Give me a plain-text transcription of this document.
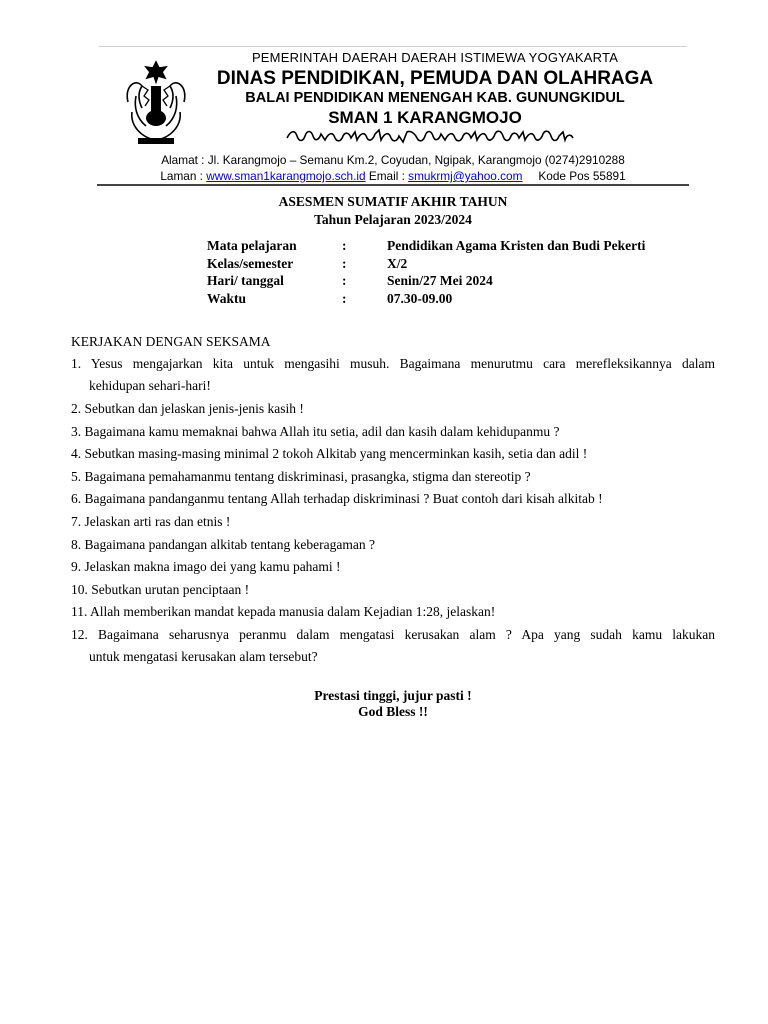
PEMERINTAH DAERAH DAERAH ISTIMEWA YOGYAKARTA
DINAS PENDIDIKAN, PEMUDA DAN OLAHRAGA
BALAI PENDIDIKAN MENENGAH KAB. GUNUNGKIDUL
SMAN 1 KARANGMOJO
Alamat : Jl. Karangmojo – Semanu Km.2, Coyudan, Ngipak, Karangmojo (0274)2910288
Laman : www.sman1karangmojo.sch.id Email : smukrmj@yahoo.com Kode Pos 55891
ASESMEN SUMATIF AKHIR TAHUN
Tahun Pelajaran 2023/2024
Mata pelajaran	:	Pendidikan Agama Kristen dan Budi Pekerti
Kelas/semester	:	X/2
Hari/ tanggal	:	Senin/27 Mei 2024
Waktu	:	07.30-09.00
KERJAKAN DENGAN SEKSAMA
1. Yesus mengajarkan kita untuk mengasihi musuh. Bagaimana menurutmu cara merefleksikannya dalam
kehidupan sehari-hari!
2. Sebutkan dan jelaskan jenis-jenis kasih !
3. Bagaimana kamu memaknai bahwa Allah itu setia, adil dan kasih dalam kehidupanmu ?
4. Sebutkan masing-masing minimal 2 tokoh Alkitab yang mencerminkan kasih, setia dan adil !
5. Bagaimana pemahamanmu tentang diskriminasi, prasangka, stigma dan stereotip ?
6. Bagaimana pandanganmu tentang Allah terhadap diskriminasi ? Buat contoh dari kisah alkitab !
7. Jelaskan arti ras dan etnis !
8. Bagaimana pandangan alkitab tentang keberagaman ?
9. Jelaskan makna imago dei yang kamu pahami !
10. Sebutkan urutan penciptaan !
11. Allah memberikan mandat kepada manusia dalam Kejadian 1:28, jelaskan!
12. Bagaimana seharusnya peranmu dalam mengatasi kerusakan alam ? Apa yang sudah kamu lakukan
untuk mengatasi kerusakan alam tersebut?
Prestasi tinggi, jujur pasti !
God Bless !!
